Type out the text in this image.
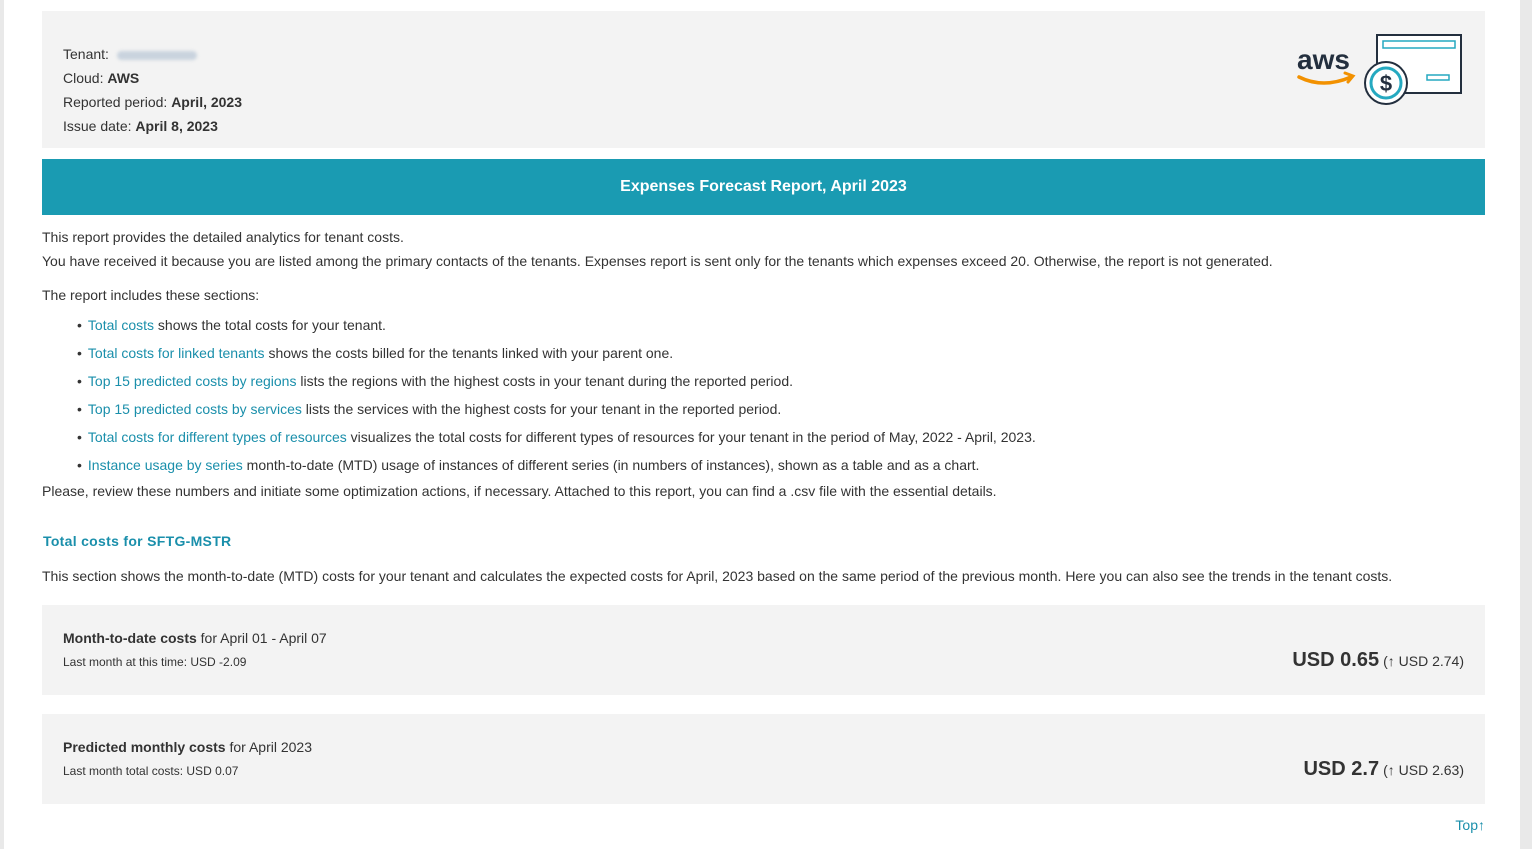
Tenant:
Cloud: AWS
Reported period: April, 2023
Issue date: April 8, 2023
aws
$
Expenses Forecast Report, April 2023

This report provides the detailed analytics for tenant costs.

You have received it because you are listed among the primary contacts of the tenants. Expenses report is sent only for the tenants which expenses exceed 20. Otherwise, the report is not generated.

The report includes these sections:

• Total costs shows the total costs for your tenant.
• Total costs for linked tenants shows the costs billed for the tenants linked with your parent one.
• Top 15 predicted costs by regions lists the regions with the highest costs in your tenant during the reported period.
• Top 15 predicted costs by services lists the services with the highest costs for your tenant in the reported period.
• Total costs for different types of resources visualizes the total costs for different types of resources for your tenant in the period of May, 2022 - April, 2023.
• Instance usage by series month-to-date (MTD) usage of instances of different series (in numbers of instances), shown as a table and as a chart.

Please, review these numbers and initiate some optimization actions, if necessary. Attached to this report, you can find a .csv file with the essential details.

Total costs for SFTG-MSTR
This section shows the month-to-date (MTD) costs for your tenant and calculates the expected costs for April, 2023 based on the same period of the previous month. Here you can also see the trends in the tenant costs.
Month-to-date costs for April 01 - April 07
Last month at this time: USD -2.09	USD 0.65 (↑ USD 2.74)
Predicted monthly costs for April 2023
Last month total costs: USD 0.07	USD 2.7 (↑ USD 2.63)
Top↑
